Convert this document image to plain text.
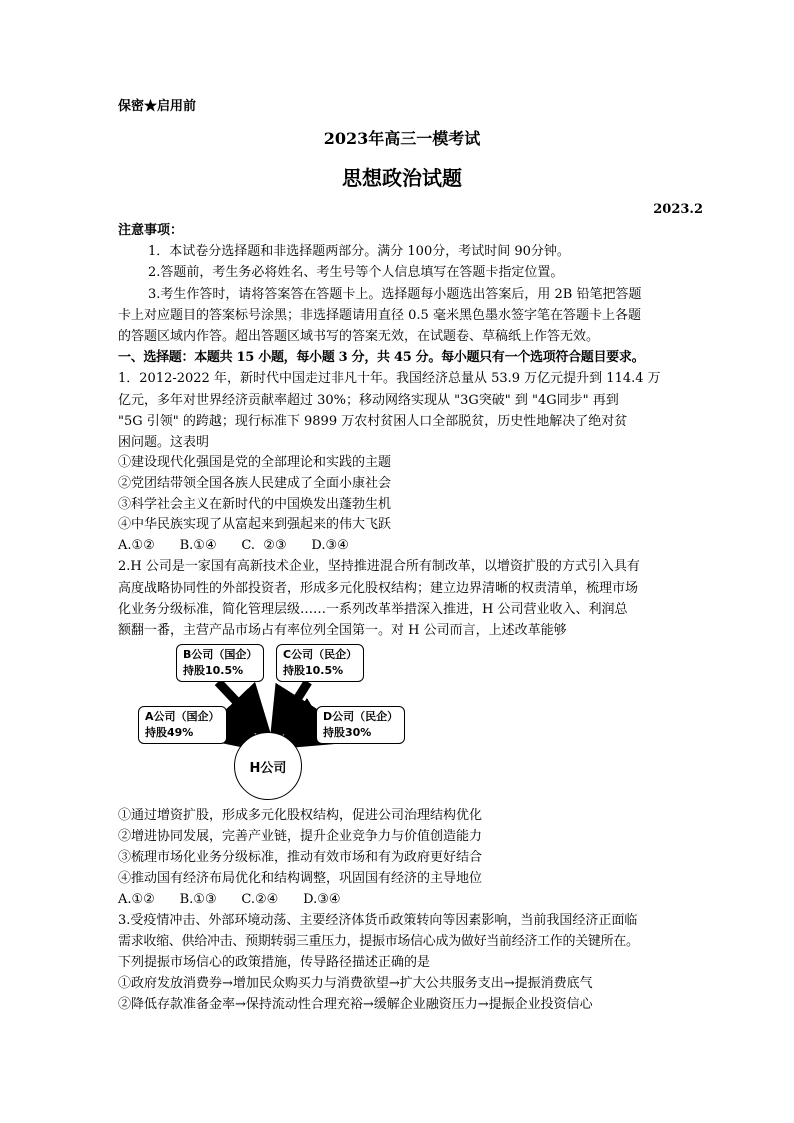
保密★启用前
2023年高三一模考试
思想政治试题
2023.2
注意事项：
1．本试卷分选择题和非选择题两部分。满分 100分，考试时间 90分钟。
2.答题前，考生务必将姓名、考生号等个人信息填写在答题卡指定位置。
3.考生作答时，请将答案答在答题卡上。选择题每小题选出答案后，用 2B 铅笔把答题
卡上对应题目的答案标号涂黑；非选择题请用直径 0.5 毫米黑色墨水签字笔在答题卡上各题
的答题区域内作答。超出答题区域书写的答案无效，在试题卷、草稿纸上作答无效。
一、选择题：本题共 15 小题，每小题 3 分，共 45 分。每小题只有一个选项符合题目要求。
1．2012-2022 年，新时代中国走过非凡十年。我国经济总量从 53.9 万亿元提升到 114.4 万
亿元，多年对世界经济贡献率超过 30%；移动网络实现从 "3G突破" 到 "4G同步" 再到
"5G 引领" 的跨越；现行标准下 9899 万农村贫困人口全部脱贫，历史性地解决了绝对贫
困问题。这表明
①建设现代化强国是党的全部理论和实践的主题
②党团结带领全国各族人民建成了全面小康社会
③科学社会主义在新时代的中国焕发出蓬勃生机
④中华民族实现了从富起来到强起来的伟大飞跃
A.①②      B.①④      C.  ②③      D.③④
2.H 公司是一家国有高新技术企业，坚持推进混合所有制改革，以增资扩股的方式引入具有
高度战略协同性的外部投资者，形成多元化股权结构；建立边界清晰的权责清单，梳理市场
化业务分级标准，简化管理层级……一系列改革举措深入推进，H 公司营业收入、利润总
额翻一番，主营产品市场占有率位列全国第一。对 H 公司而言，上述改革能够
B公司（国企）
持股10.5%
C公司（民企）
持股10.5%
A公司（国企）
持股49%
D公司（民企）
持股30%
H公司
①通过增资扩股，形成多元化股权结构，促进公司治理结构优化
②增进协同发展，完善产业链，提升企业竞争力与价值创造能力
③梳理市场化业务分级标准，推动有效市场和有为政府更好结合
④推动国有经济布局优化和结构调整，巩固国有经济的主导地位
A.①②      B.①③      C.②④      D.③④
3.受疫情冲击、外部环境动荡、主要经济体货币政策转向等因素影响，当前我国经济正面临
需求收缩、供给冲击、预期转弱三重压力，提振市场信心成为做好当前经济工作的关键所在。
下列提振市场信心的政策措施，传导路径描述正确的是
①政府发放消费券→增加民众购买力与消费欲望→扩大公共服务支出→提振消费底气
②降低存款准备金率→保持流动性合理充裕→缓解企业融资压力→提振企业投资信心
